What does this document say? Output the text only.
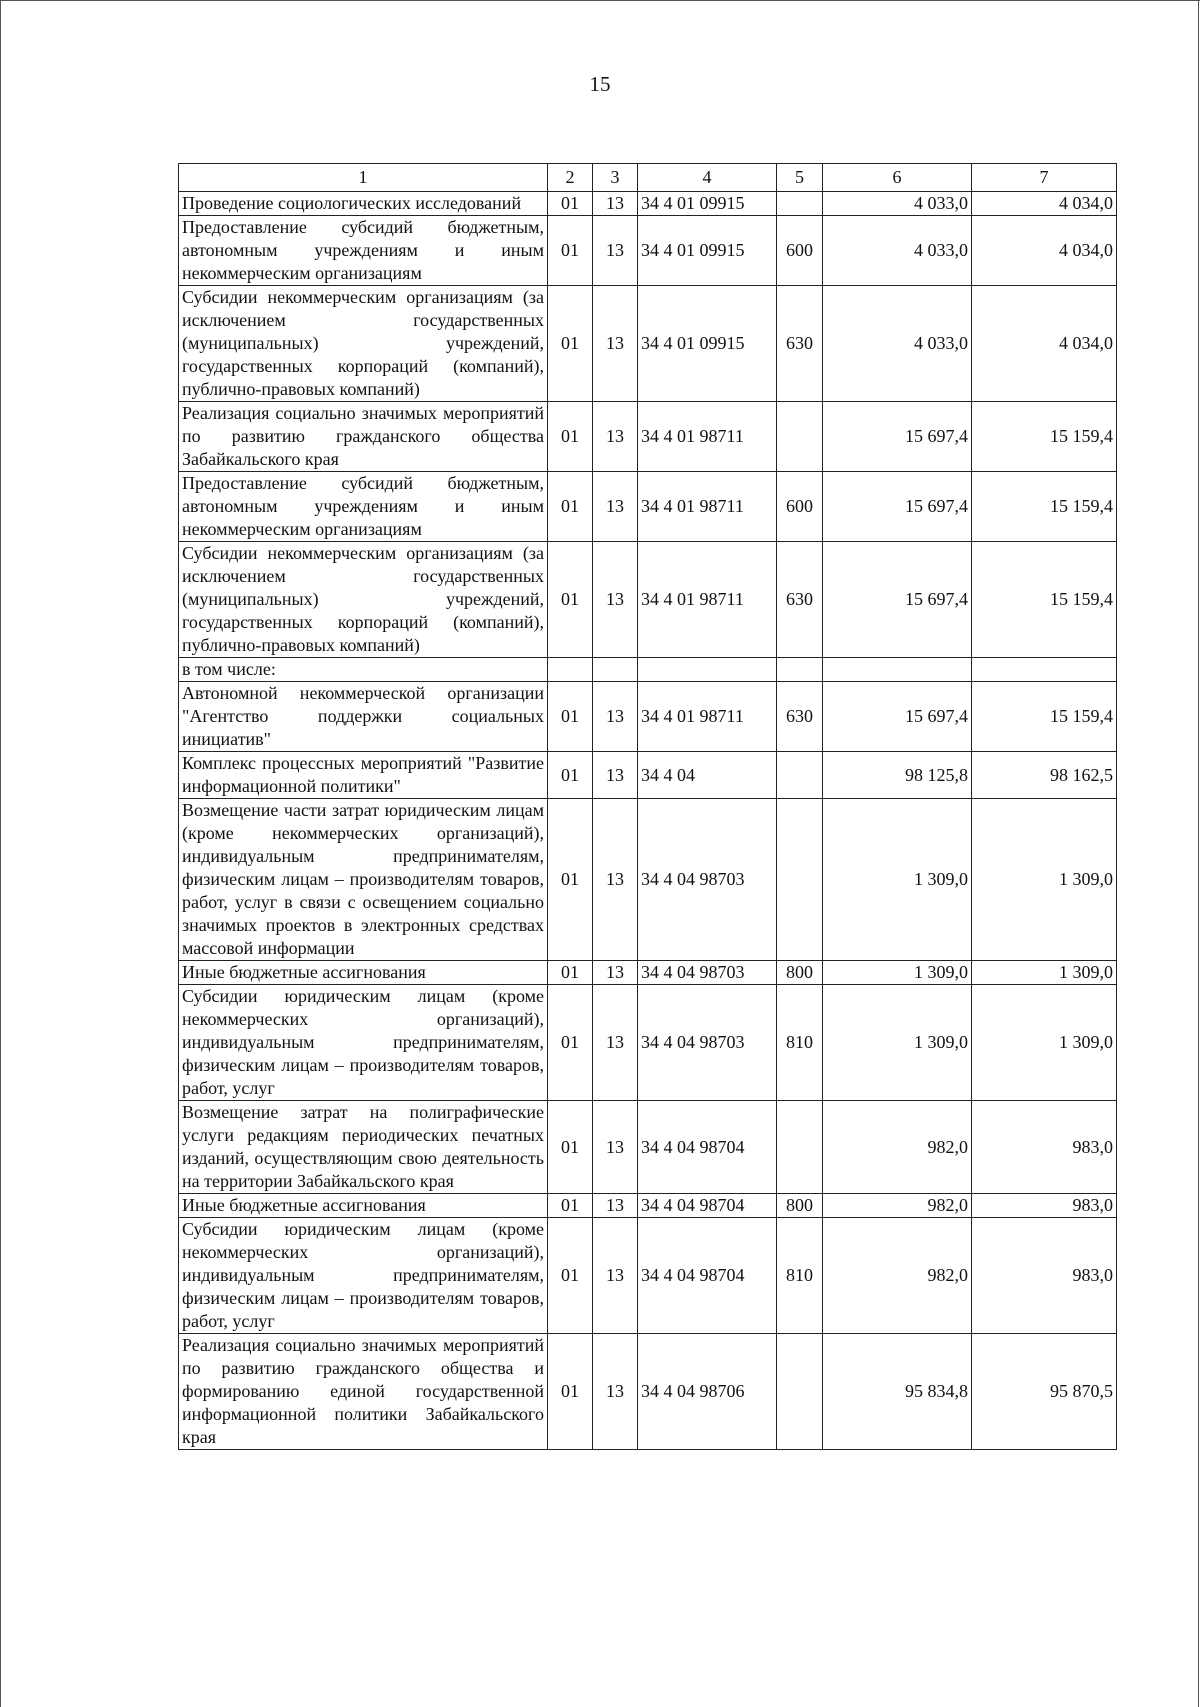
15
1	2	3	4	5	6	7
Проведение социологических исследований	01	13	34 4 01 09915		4 033,0	4 034,0
Предоставление субсидий бюджетным, автономным учреждениям и иным некоммерческим организациям	01	13	34 4 01 09915	600	4 033,0	4 034,0
Субсидии некоммерческим организациям (за исключением государственных (муниципальных) учреждений, государственных корпораций (компаний), публично-правовых компаний)	01	13	34 4 01 09915	630	4 033,0	4 034,0
Реализация социально значимых мероприятий по развитию гражданского общества Забайкальского края	01	13	34 4 01 98711		15 697,4	15 159,4
Предоставление субсидий бюджетным, автономным учреждениям и иным некоммерческим организациям	01	13	34 4 01 98711	600	15 697,4	15 159,4
Субсидии некоммерческим организациям (за исключением государственных (муниципальных) учреждений, государственных корпораций (компаний), публично-правовых компаний)	01	13	34 4 01 98711	630	15 697,4	15 159,4
в том числе:						
Автономной некоммерческой организации "Агентство поддержки социальных инициатив"	01	13	34 4 01 98711	630	15 697,4	15 159,4
Комплекс процессных мероприятий "Развитие информационной политики"	01	13	34 4 04		98 125,8	98 162,5
Возмещение части затрат юридическим лицам (кроме некоммерческих организаций), индивидуальным предпринимателям, физическим лицам – производителям товаров, работ, услуг в связи с освещением социально значимых проектов в электронных средствах массовой информации	01	13	34 4 04 98703		1 309,0	1 309,0
Иные бюджетные ассигнования	01	13	34 4 04 98703	800	1 309,0	1 309,0
Субсидии юридическим лицам (кроме некоммерческих организаций), индивидуальным предпринимателям, физическим лицам – производителям товаров, работ, услуг	01	13	34 4 04 98703	810	1 309,0	1 309,0
Возмещение затрат на полиграфические услуги редакциям периодических печатных изданий, осуществляющим свою деятельность на территории Забайкальского края	01	13	34 4 04 98704		982,0	983,0
Иные бюджетные ассигнования	01	13	34 4 04 98704	800	982,0	983,0
Субсидии юридическим лицам (кроме некоммерческих организаций), индивидуальным предпринимателям, физическим лицам – производителям товаров, работ, услуг	01	13	34 4 04 98704	810	982,0	983,0
Реализация социально значимых мероприятий по развитию гражданского общества и формированию единой государственной информационной политики Забайкальского края	01	13	34 4 04 98706		95 834,8	95 870,5
